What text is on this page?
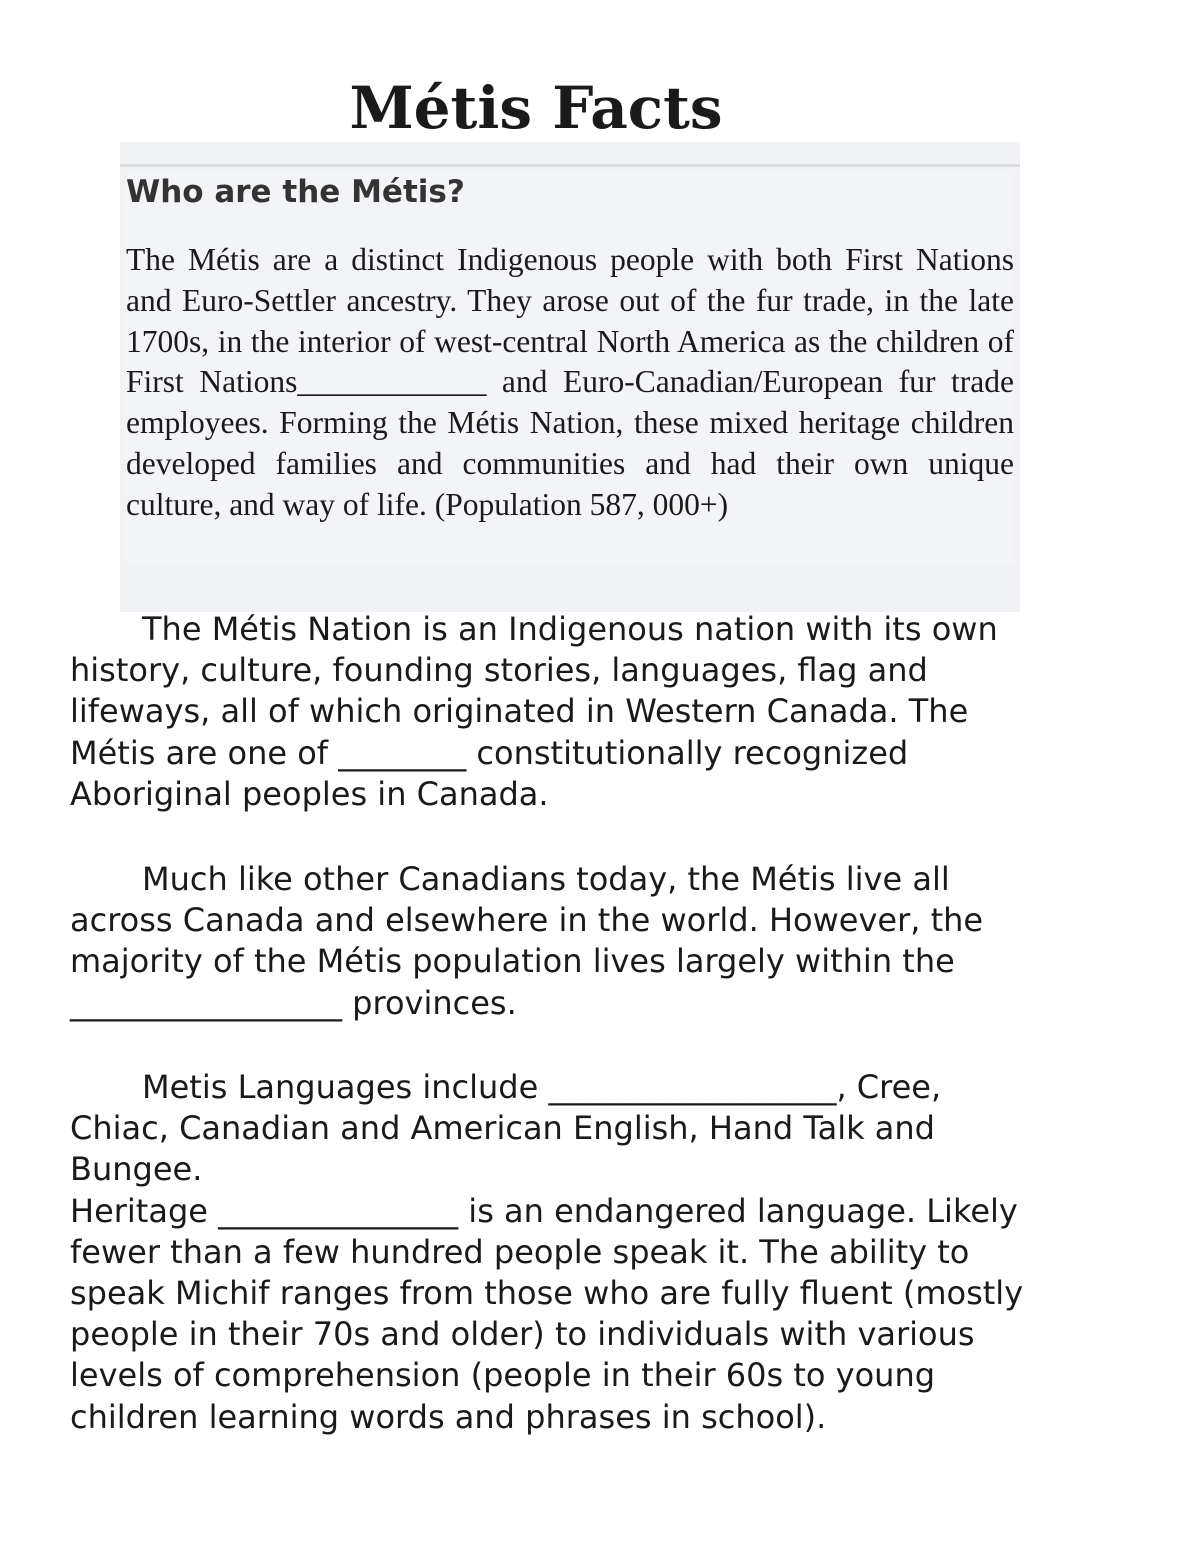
Métis Facts
Who are the Métis?

The Métis are a distinct Indigenous people with both First Nations and Euro-Settler ancestry. They arose out of the fur trade, in the late 1700s, in the interior of west-central North America as the children of First Nations____________ and Euro-Canadian/European fur trade employees. Forming the Métis Nation, these mixed heritage children developed families and communities and had their own unique culture, and way of life. (Population 587, 000+)

The Métis Nation is an Indigenous nation with its own
history, culture, founding stories, languages, flag and
lifeways, all of which originated in Western Canada. The
Métis are one of ________ constitutionally recognized
Aboriginal peoples in Canada.
Much like other Canadians today, the Métis live all
across Canada and elsewhere in the world. However, the
majority of the Métis population lives largely within the
_________________ provinces.
Metis Languages include __________________, Cree,
Chiac, Canadian and American English, Hand Talk and
Bungee.
Heritage _______________ is an endangered language. Likely
fewer than a few hundred people speak it. The ability to
speak Michif ranges from those who are fully fluent (mostly
people in their 70s and older) to individuals with various
levels of comprehension (people in their 60s to young
children learning words and phrases in school).
